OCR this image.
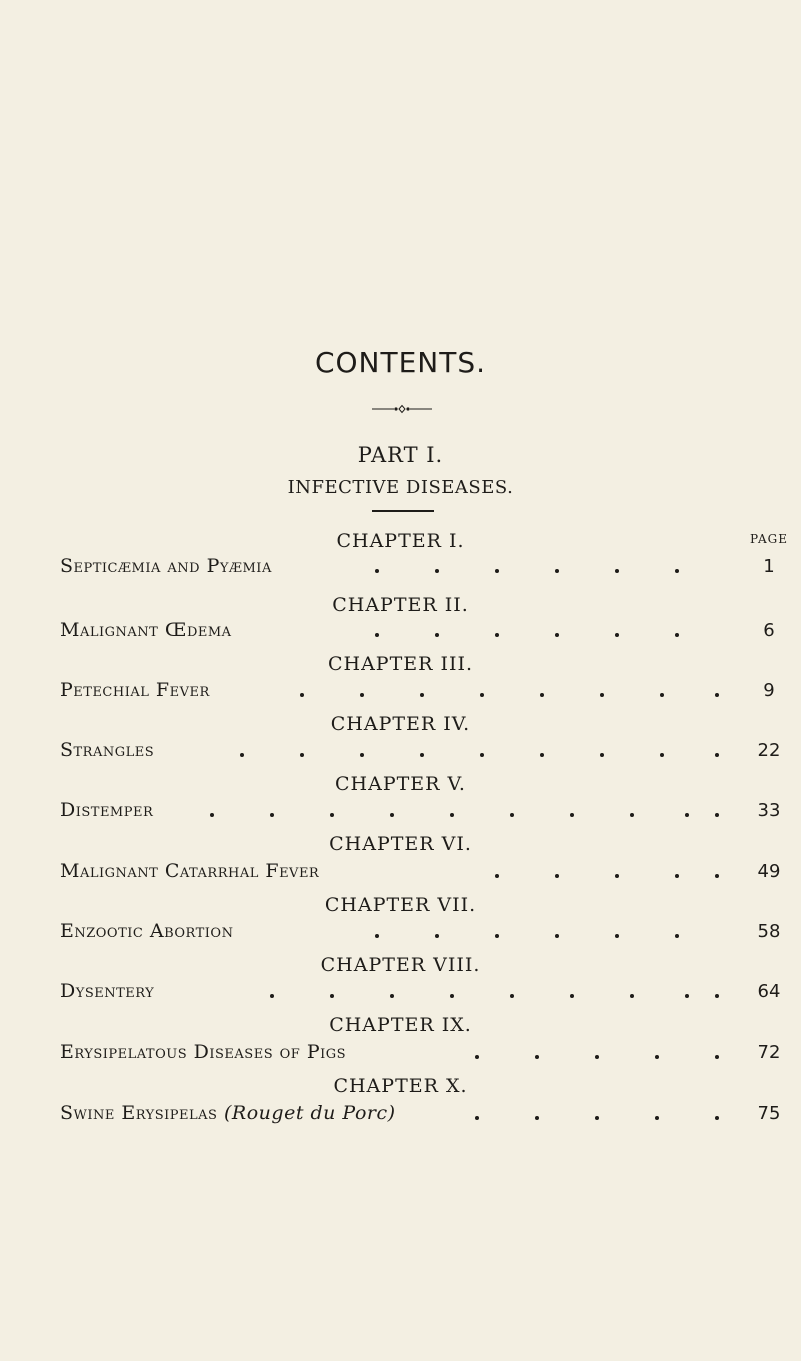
CONTENTS.
PART I.
INFECTIVE DISEASES.
PAGE
CHAPTER I.
Septicæmia and Pyæmia	1
CHAPTER II.
Malignant Œdema	6
CHAPTER III.
Petechial Fever	9
CHAPTER IV.
Strangles	22
CHAPTER V.
Distemper	33
CHAPTER VI.
Malignant Catarrhal Fever	49
CHAPTER VII.
Enzootic Abortion	58
CHAPTER VIII.
Dysentery	64
CHAPTER IX.
Erysipelatous Diseases of Pigs	72
CHAPTER X.
Swine Erysipelas (Rouget du Porc)	75
